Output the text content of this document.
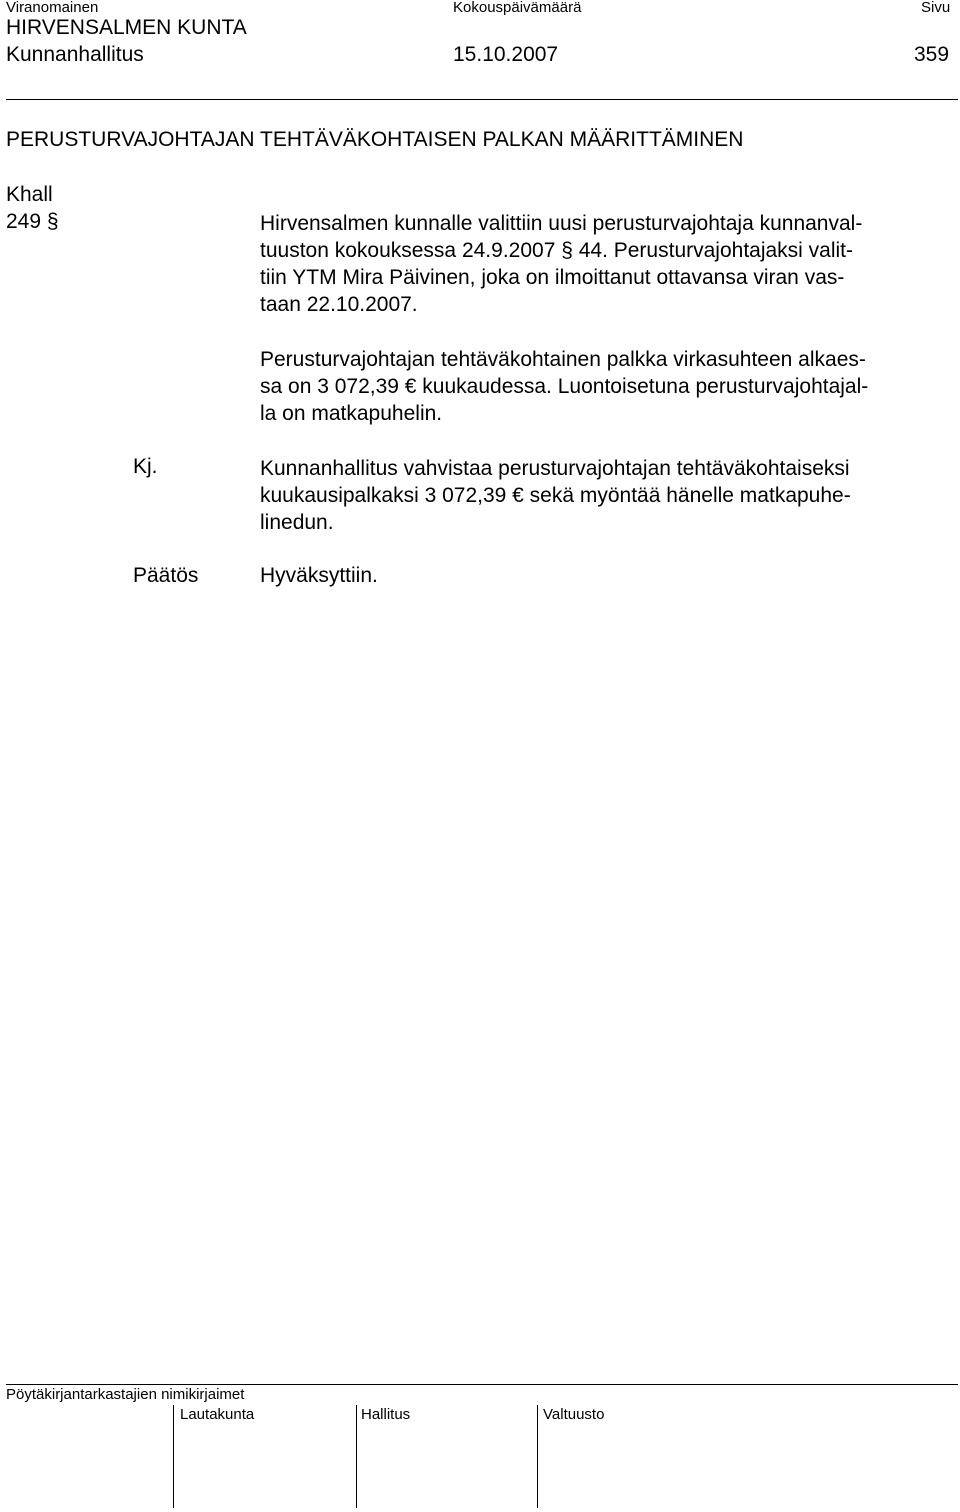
Viranomainen	Kokouspäivämäärä	Sivu
HIRVENSALMEN KUNTA
Kunnanhallitus	15.10.2007	359
PERUSTURVAJOHTAJAN TEHTÄVÄKOHTAISEN PALKAN MÄÄRITTÄMINEN
Khall
249 §	Hirvensalmen kunnalle valittiin uusi perusturvajohtaja kunnanval-
tuuston kokouksessa 24.9.2007 § 44. Perusturvajohtajaksi valit-
tiin YTM Mira Päivinen, joka on ilmoittanut ottavansa viran vas-
taan 22.10.2007.
Perusturvajohtajan tehtäväkohtainen palkka virkasuhteen alkaes-
sa on 3 072,39 € kuukaudessa. Luontoisetuna perusturvajohtajal-
la on matkapuhelin.
Kj.	Kunnanhallitus vahvistaa perusturvajohtajan tehtäväkohtaiseksi
kuukausipalkaksi 3 072,39 € sekä myöntää hänelle matkapuhe-
linedun.
Päätös	Hyväksyttiin.
Pöytäkirjantarkastajien nimikirjaimet
Lautakunta	Hallitus	Valtuusto
